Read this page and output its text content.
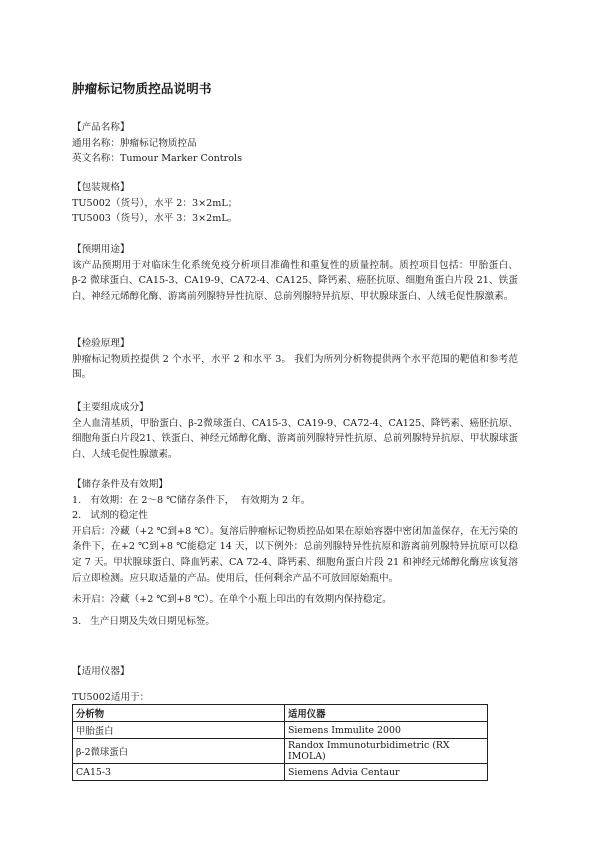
肿瘤标记物质控品说明书

【产品名称】

通用名称：肿瘤标记物质控品

英文名称：Tumour Marker Controls

【包装规格】

TU5002（货号），水平 2：3×2mL；

TU5003（货号），水平 3：3×2mL。

【预期用途】

该产品预期用于对临床生化系统免疫分析项目准确性和重复性的质量控制。质控项目包括：甲胎蛋白、β-2 微球蛋白、CA15-3、CA19-9、CA72-4、CA125、降钙素、癌胚抗原、细胞角蛋白片段 21、铁蛋白、神经元烯醇化酶、游离前列腺特异性抗原、总前列腺特异抗原、甲状腺球蛋白、人绒毛促性腺激素。

【检验原理】

肿瘤标记物质控提供 2 个水平，水平 2 和水平 3。 我们为所列分析物提供两个水平范围的靶值和参考范围。

【主要组成成分】

全人血清基质，甲胎蛋白、β-2微球蛋白、CA15-3、CA19-9、CA72-4、CA125、降钙素、癌胚抗原、细胞角蛋白片段21、铁蛋白、神经元烯醇化酶、游离前列腺特异性抗原、总前列腺特异抗原、甲状腺球蛋白、人绒毛促性腺激素。

【储存条件及有效期】

1.   有效期：在 2～8 ℃储存条件下，  有效期为 2 年。

2.   试剂的稳定性

开启后：冷藏（+2 ℃到+8 ℃）。复溶后肿瘤标记物质控品如果在原始容器中密闭加盖保存，在无污染的条件下，在+2 ℃到+8 ℃能稳定 14 天，以下例外：总前列腺特异性抗原和游离前列腺特异抗原可以稳定 7 天。甲状腺球蛋白、降血钙素、CA 72-4、降钙素、细胞角蛋白片段 21 和神经元烯醇化酶应该复溶后立即检测。应只取适量的产品。使用后，任何剩余产品不可放回原始瓶中。

未开启：冷藏（+2 ℃到+8 ℃）。在单个小瓶上印出的有效期内保持稳定。

3.   生产日期及失效日期见标签。

【适用仪器】

TU5002适用于：

分析物	适用仪器
甲胎蛋白	Siemens Immulite 2000
β-2微球蛋白	Randox Immunoturbidimetric (RX IMOLA)
CA15-3	Siemens Advia Centaur
